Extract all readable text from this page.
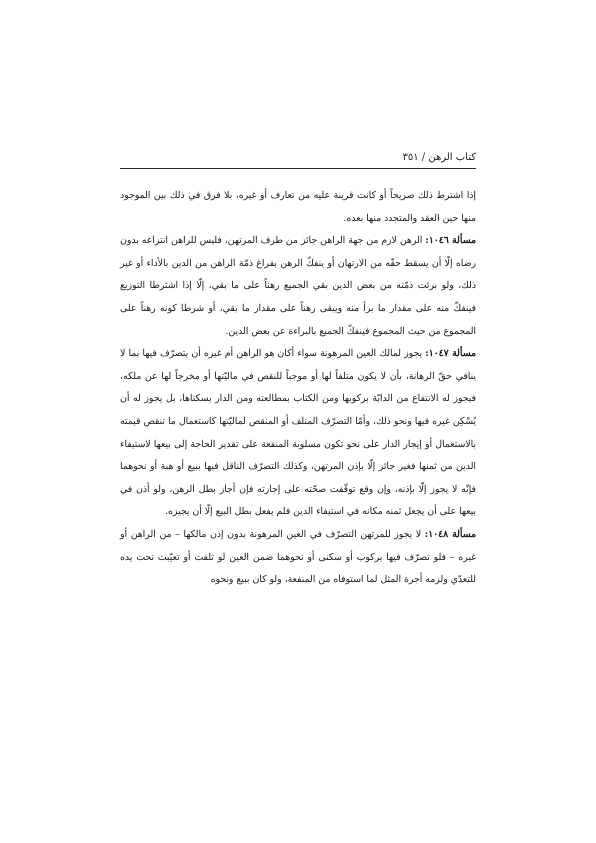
كتاب الرهن / ٣٥١

إذا اشترط ذلك صريحاً أو كانت قرينة عليه من تعارف أو غيره، بلا فرق في ذلك بين الموجود منها حين العقد والمتجدد منها بعده.

مسألة ١٠٤٦: الرهن لازم من جهة الراهن جائز من طرف المرتهن، فليس للراهن انتزاعه بدون رضاه إلّا أن يسقط حقّه من الارتهان أو ينفكّ الرهن بفراغ ذمّة الراهن من الدين بالأداء أو غير ذلك، ولو برئت ذمّته من بعض الدين بقي الجميع رهناً على ما بقي، إلّا إذا اشترطا التوزيع فينفكّ منه على مقدار ما برأ منه ويبقى رهناً على مقدار ما بقي، أو شرطا كونه رهناً على المجموع من حيث المجموع فينفكّ الجميع بالبراءة عن بعض الدين.

مسألة ١٠٤٧: يجوز لمالك العين المرهونة سواء أكان هو الراهن أم غيره أن يتصرّف فيها بما لا ينافي حقّ الرهانة، بأن لا يكون متلفاً لها أو موجباً للنقص في ماليّتها أو مخرجاً لها عن ملكه، فيجوز له الانتفاع من الدابّة بركوبها ومن الكتاب بمطالعته ومن الدار بسكناها، بل يجوز له أن يُسْكِن غيره فيها ونحو ذلك، وأمّا التصرّف المتلف أو المنقص لماليّتها كاستعمال ما تنقص قيمته بالاستعمال أو إيجار الدار على نحو تكون مسلوبة المنفعة على تقدير الحاجة إلى بيعها لاستيفاء الدين من ثمنها فغير جائز إلّا بإذن المرتهن، وكذلك التصرّف الناقل فيها ببيع أو هبة أو نحوهما فإنّه لا يجوز إلّا بإذنه، وإن وقع توقّفت صحّته على إجازته فإن أجاز بطل الرهن، ولو أذن في بيعها على أن يجعل ثمنه مكانه في استيفاء الدين فلم يفعل بطل البيع إلّا أن يجيزه.

مسألة ١٠٤٨: لا يجوز للمرتهن التصرّف في العين المرهونة بدون إذن مالكها – من الراهن أو غيره – فلو تصرّف فيها بركوب أو سكنى أو نحوهما ضمن العين لو تلفت أو تعيّبت تحت يده للتعدّي ولزمه أجرة المثل لما استوفاه من المنفعة، ولو كان ببيع ونحوه
